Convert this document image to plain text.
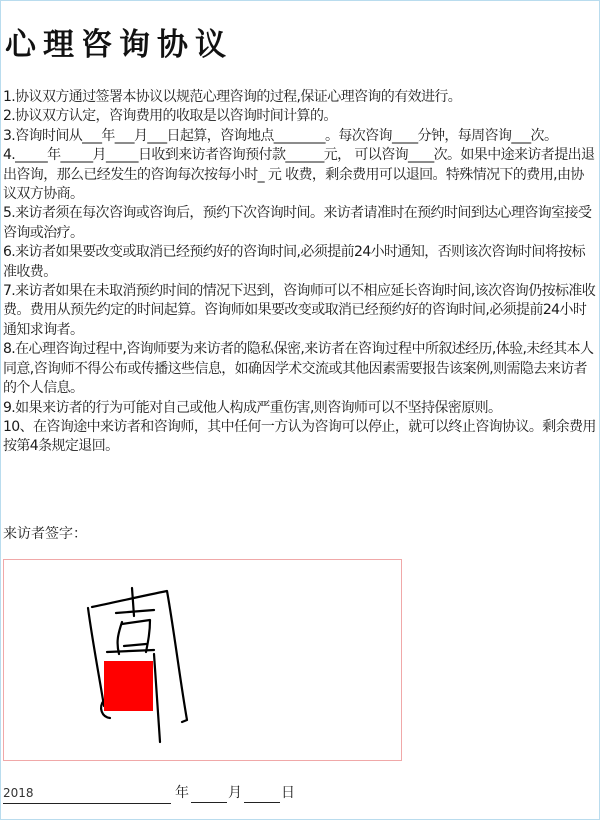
心理咨询协议

1.协议双方通过签署本协议以规范心理咨询的过程,保证心理咨询的有效进行。

2.协议双方认定，咨询费用的收取是以咨询时间计算的。

3.咨询时间从___年___月___日起算，咨询地点________。每次咨询____分钟，每周咨询___次。

4._____年_____月_____日收到来访者咨询预付款______元， 可以咨询____次。如果中途来访者提出退出咨询，那么已经发生的咨询每次按每小时_ 元 收费，剩余费用可以退回。特殊情况下的费用,由协议双方协商。

5.来访者须在每次咨询或咨询后，预约下次咨询时间。来访者请准时在预约时间到达心理咨询室接受咨询或治疗。

6.来访者如果要改变或取消已经预约好的咨询时间,必须提前24小时通知，否则该次咨询时间将按标准收费。

7.来访者如果在未取消预约时间的情况下迟到，咨询师可以不相应延长咨询时间,该次咨询仍按标准收费。费用从预先约定的时间起算。咨询师如果要改变或取消已经预约好的咨询时间,必须提前24小时通知求询者。

8.在心理咨询过程中,咨询师要为来访者的隐私保密,来访者在咨询过程中所叙述经历,体验,未经其本人同意,咨询师不得公布或传播这些信息，如确因学术交流或其他因素需要报告该案例,则需隐去来访者的个人信息。

9.如果来访者的行为可能对自己或他人构成严重伤害,则咨询师可以不坚持保密原则。

10、在咨询途中来访者和咨询师，其中任何一方认为咨询可以停止，就可以终止咨询协议。剩余费用按第4条规定退回。

来访者签字：
2018
年	月	日
